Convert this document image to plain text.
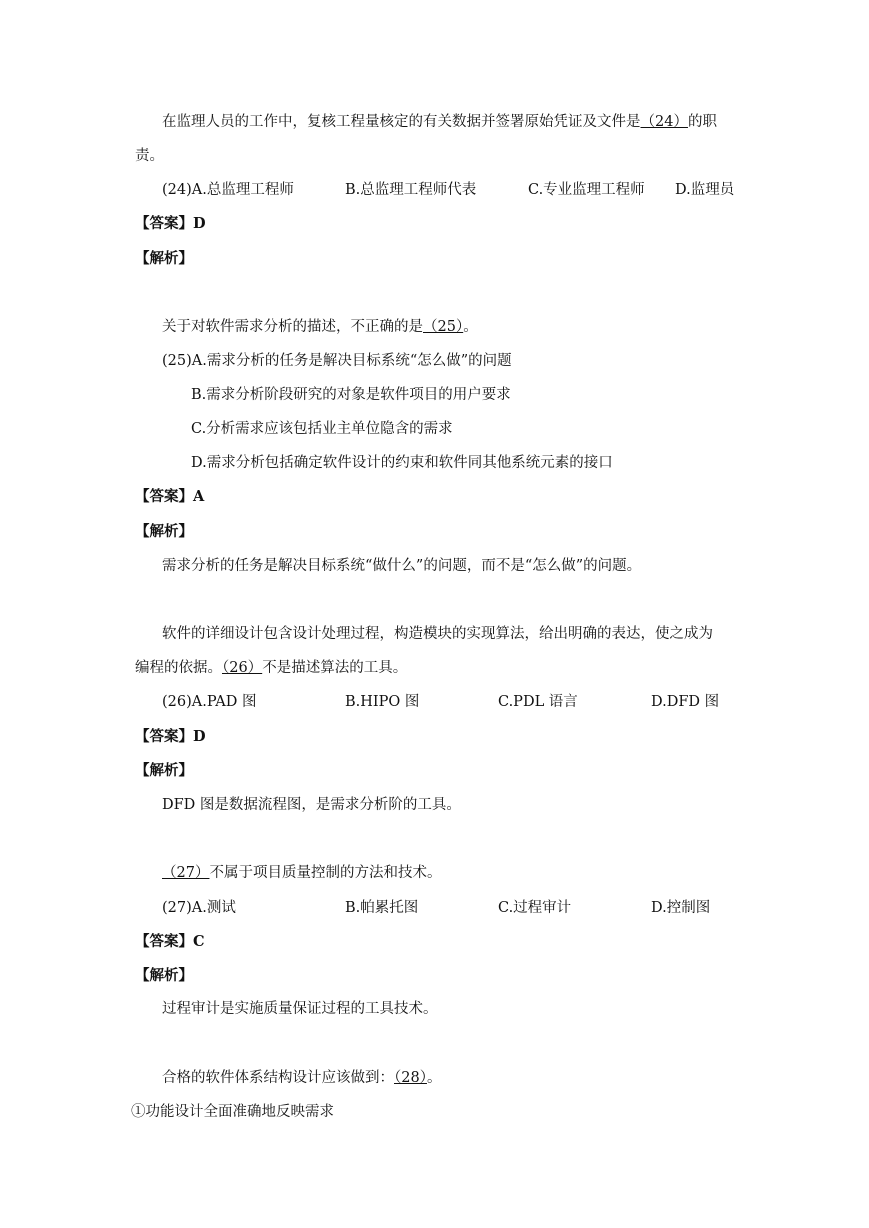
在监理人员的工作中，复核工程量核定的有关数据并签署原始凭证及文件是（24）的职
责。
(24)A.总监理工程师	B.总监理工程师代表	C.专业监理工程师 D.监理员
【答案】D
【解析】
关于对软件需求分析的描述，不正确的是（25）。
(25)A.需求分析的任务是解决目标系统“怎么做”的问题
B.需求分析阶段研究的对象是软件项目的用户要求
C.分析需求应该包括业主单位隐含的需求
D.需求分析包括确定软件设计的约束和软件同其他系统元素的接口
【答案】A
【解析】
需求分析的任务是解决目标系统“做什么”的问题，而不是“怎么做”的问题。
软件的详细设计包含设计处理过程，构造模块的实现算法，给出明确的表达，使之成为
编程的依据。（26）不是描述算法的工具。
(26)A.PAD 图	B.HIPO 图	C.PDL 语言	D.DFD 图
【答案】D
【解析】
DFD 图是数据流程图，是需求分析阶的工具。
（27）不属于项目质量控制的方法和技术。
(27)A.测试	B.帕累托图	C.过程审计	D.控制图
【答案】C
【解析】
过程审计是实施质量保证过程的工具技术。
合格的软件体系结构设计应该做到：（28）。
①功能设计全面准确地反映需求
